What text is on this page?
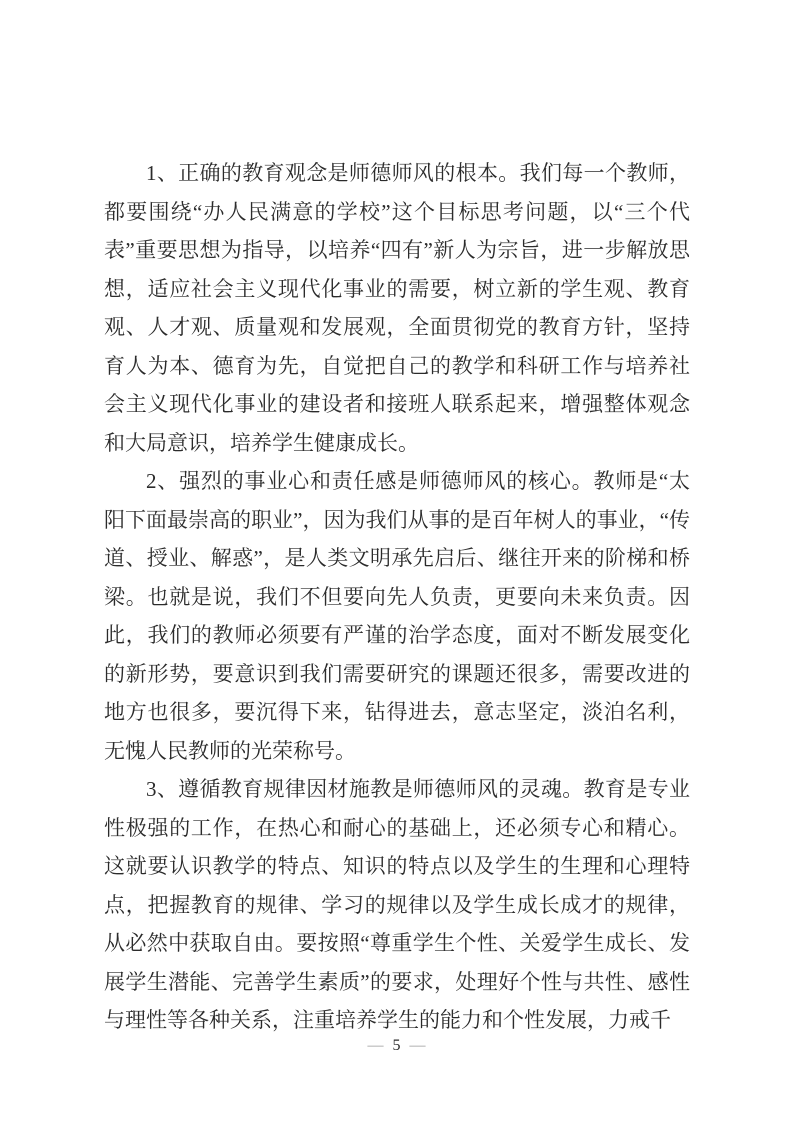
1、正确的教育观念是师德师风的根本。我们每一个教师，都要围绕“办人民满意的学校”这个目标思考问题，以“三个代表”重要思想为指导，以培养“四有”新人为宗旨，进一步解放思想，适应社会主义现代化事业的需要，树立新的学生观、教育观、人才观、质量观和发展观，全面贯彻党的教育方针，坚持育人为本、德育为先，自觉把自己的教学和科研工作与培养社会主义现代化事业的建设者和接班人联系起来，增强整体观念和大局意识，培养学生健康成长。

2、强烈的事业心和责任感是师德师风的核心。教师是“太阳下面最崇高的职业”，因为我们从事的是百年树人的事业，“传道、授业、解惑”，是人类文明承先启后、继往开来的阶梯和桥梁。也就是说，我们不但要向先人负责，更要向未来负责。因此，我们的教师必须要有严谨的治学态度，面对不断发展变化的新形势，要意识到我们需要研究的课题还很多，需要改进的地方也很多，要沉得下来，钻得进去，意志坚定，淡泊名利，无愧人民教师的光荣称号。

3、遵循教育规律因材施教是师德师风的灵魂。教育是专业性极强的工作，在热心和耐心的基础上，还必须专心和精心。这就要认识教学的特点、知识的特点以及学生的生理和心理特点，把握教育的规律、学习的规律以及学生成长成才的规律，从必然中获取自由。要按照“尊重学生个性、关爱学生成长、发展学生潜能、完善学生素质”的要求，处理好个性与共性、感性与理性等各种关系，注重培养学生的能力和个性发展，力戒千

— 5 —
